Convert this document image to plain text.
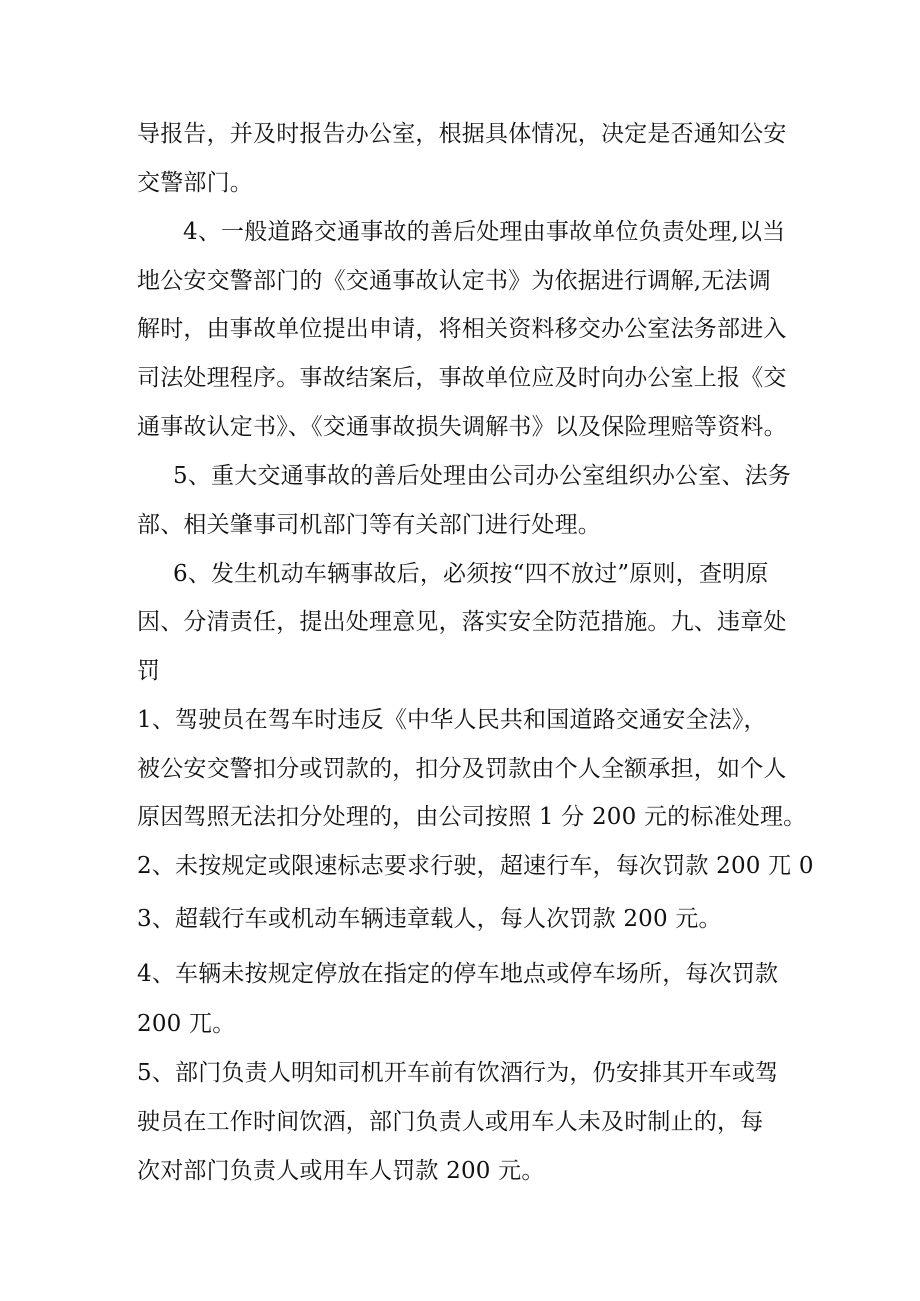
导报告，并及时报告办公室，根据具体情况，决定是否通知公安
交警部门。
4、一般道路交通事故的善后处理由事故单位负责处理,以当
地公安交警部门的《交通事故认定书》为依据进行调解,无法调
解时，由事故单位提出申请，将相关资料移交办公室法务部进入
司法处理程序。事故结案后，事故单位应及时向办公室上报《交
通事故认定书》、《交通事故损失调解书》以及保险理赔等资料。
5、重大交通事故的善后处理由公司办公室组织办公室、法务
部、相关肇事司机部门等有关部门进行处理。
6、发生机动车辆事故后，必须按“四不放过”原则，查明原
因、分清责任，提出处理意见，落实安全防范措施。九、违章处
罚
1、驾驶员在驾车时违反《中华人民共和国道路交通安全法》，
被公安交警扣分或罚款的，扣分及罚款由个人全额承担，如个人
原因驾照无法扣分处理的，由公司按照 1 分 200 元的标准处理。
2、未按规定或限速标志要求行驶，超速行车，每次罚款 200 兀 0
3、超载行车或机动车辆违章载人，每人次罚款 200 元。
4、车辆未按规定停放在指定的停车地点或停车场所，每次罚款
200 兀。
5、部门负责人明知司机开车前有饮酒行为，仍安排其开车或驾
驶员在工作时间饮酒，部门负责人或用车人未及时制止的，每
次对部门负责人或用车人罚款 200 元。
